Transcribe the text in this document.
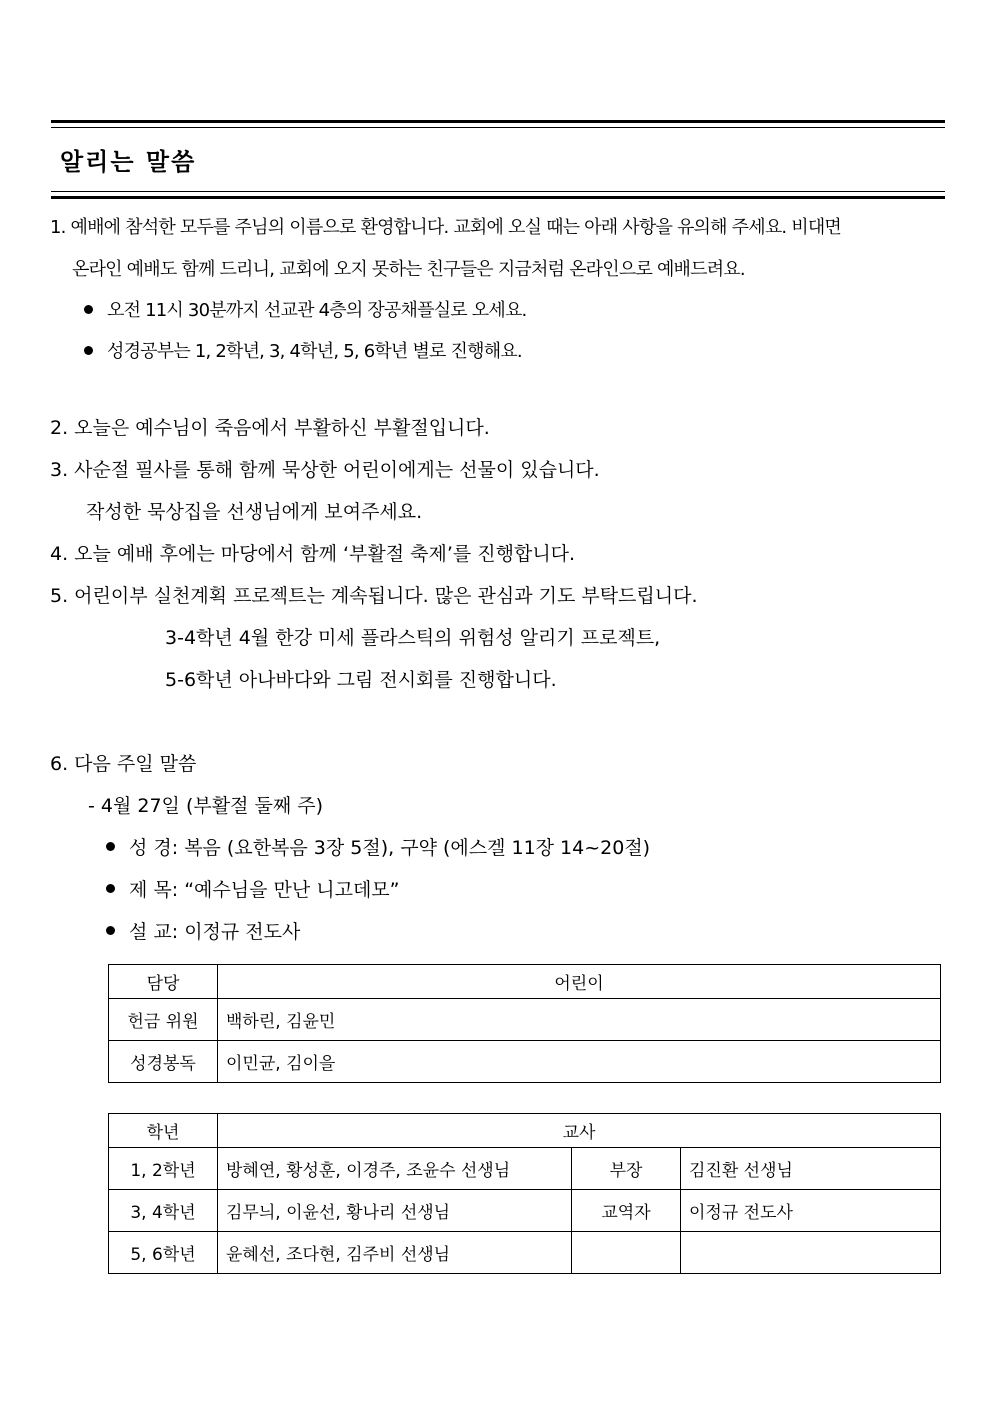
알리는 말씀
1. 예배에 참석한 모두를 주님의 이름으로 환영합니다. 교회에 오실 때는 아래 사항을 유의해 주세요. 비대면
온라인 예배도 함께 드리니, 교회에 오지 못하는 친구들은 지금처럼 온라인으로 예배드려요.
오전 11시 30분까지 선교관 4층의 장공채플실로 오세요.
성경공부는 1, 2학년, 3, 4학년, 5, 6학년 별로 진행해요.
2. 오늘은 예수님이 죽음에서 부활하신 부활절입니다.
3. 사순절 필사를 통해 함께 묵상한 어린이에게는 선물이 있습니다.
작성한 묵상집을 선생님에게 보여주세요.
4. 오늘 예배 후에는 마당에서 함께 ‘부활절 축제’를 진행합니다.
5. 어린이부 실천계획 프로젝트는 계속됩니다. 많은 관심과 기도 부탁드립니다.
3-4학년 4월 한강 미세 플라스틱의 위험성 알리기 프로젝트,
5-6학년 아나바다와 그림 전시회를 진행합니다.
6. 다음 주일 말씀
- 4월 27일 (부활절 둘째 주)
성 경: 복음 (요한복음 3장 5절), 구약 (에스겔 11장 14~20절)
제 목: “예수님을 만난 니고데모”
설 교: 이정규 전도사
담당	어린이
헌금 위원	백하린, 김윤민
성경봉독	이민균, 김이을
학년	교사		
1, 2학년	방혜연, 황성훈, 이경주, 조윤수 선생님	부장	김진환 선생님
3, 4학년	김무늬, 이윤선, 황나리 선생님	교역자	이정규 전도사
5, 6학년	윤혜선, 조다현, 김주비 선생님		
